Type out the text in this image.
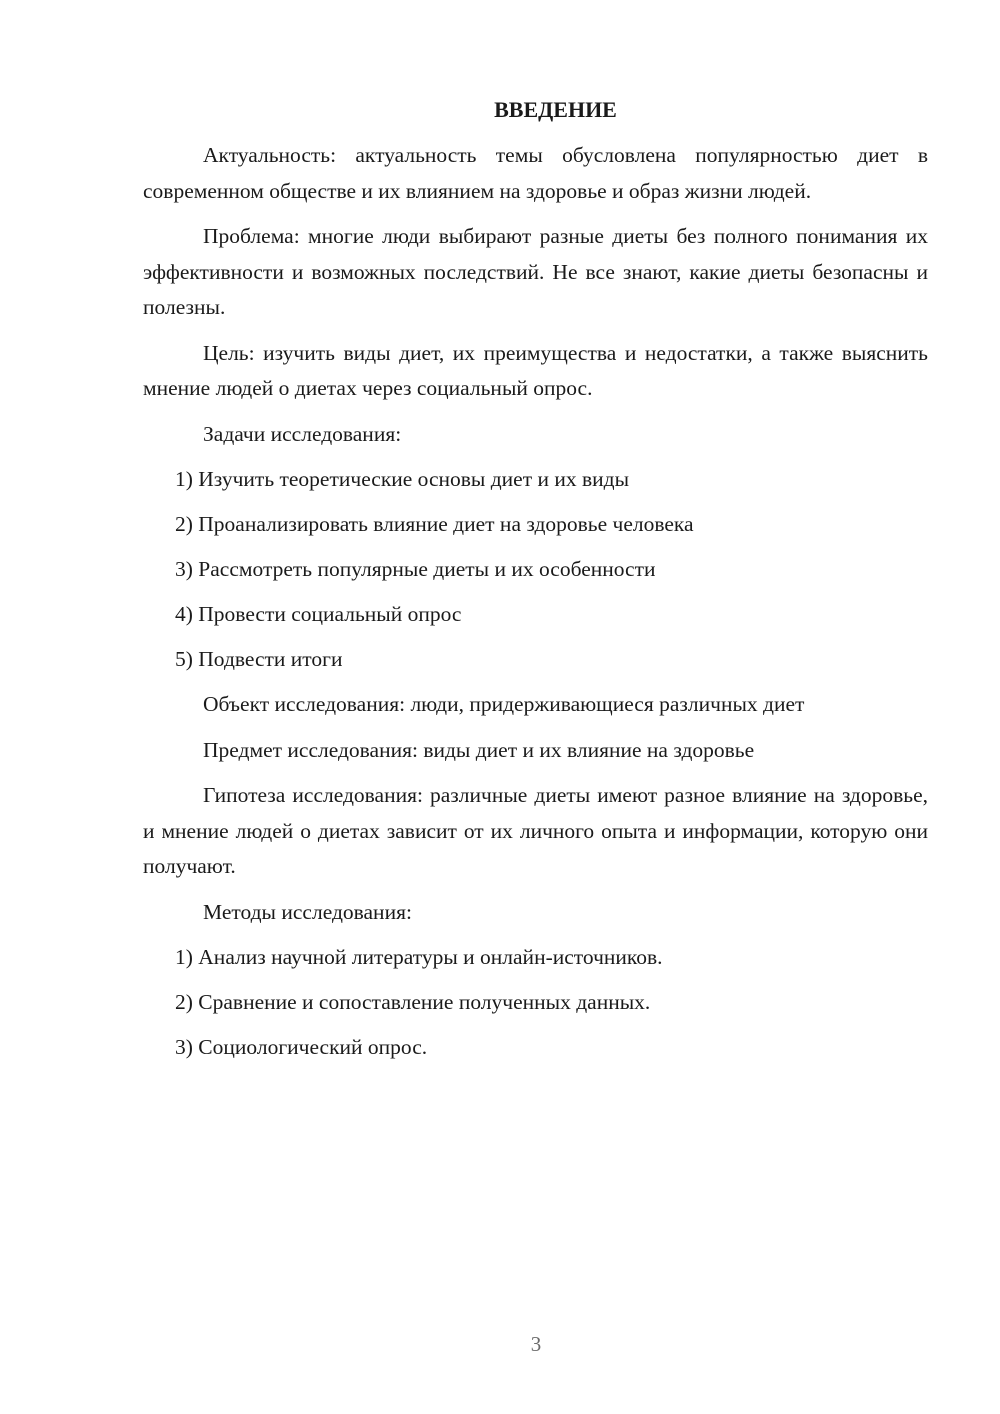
ВВЕДЕНИЕ

Актуальность: актуальность темы обусловлена популярностью диет в современном обществе и их влиянием на здоровье и образ жизни людей.

Проблема: многие люди выбирают разные диеты без полного понимания их эффективности и возможных последствий. Не все знают, какие диеты безопасны и полезны.

Цель: изучить виды диет, их преимущества и недостатки, а также выяснить мнение людей о диетах через социальный опрос.

Задачи исследования:

1) Изучить теоретические основы диет и их виды

2) Проанализировать влияние диет на здоровье человека

3) Рассмотреть популярные диеты и их особенности

4) Провести социальный опрос

5) Подвести итоги

Объект исследования: люди, придерживающиеся различных диет

Предмет исследования: виды диет и их влияние на здоровье

Гипотеза исследования: различные диеты имеют разное влияние на здоровье, и мнение людей о диетах зависит от их личного опыта и информации, которую они получают.

Методы исследования:

1) Анализ научной литературы и онлайн-источников.

2) Сравнение и сопоставление полученных данных.

3) Социологический опрос.

3
